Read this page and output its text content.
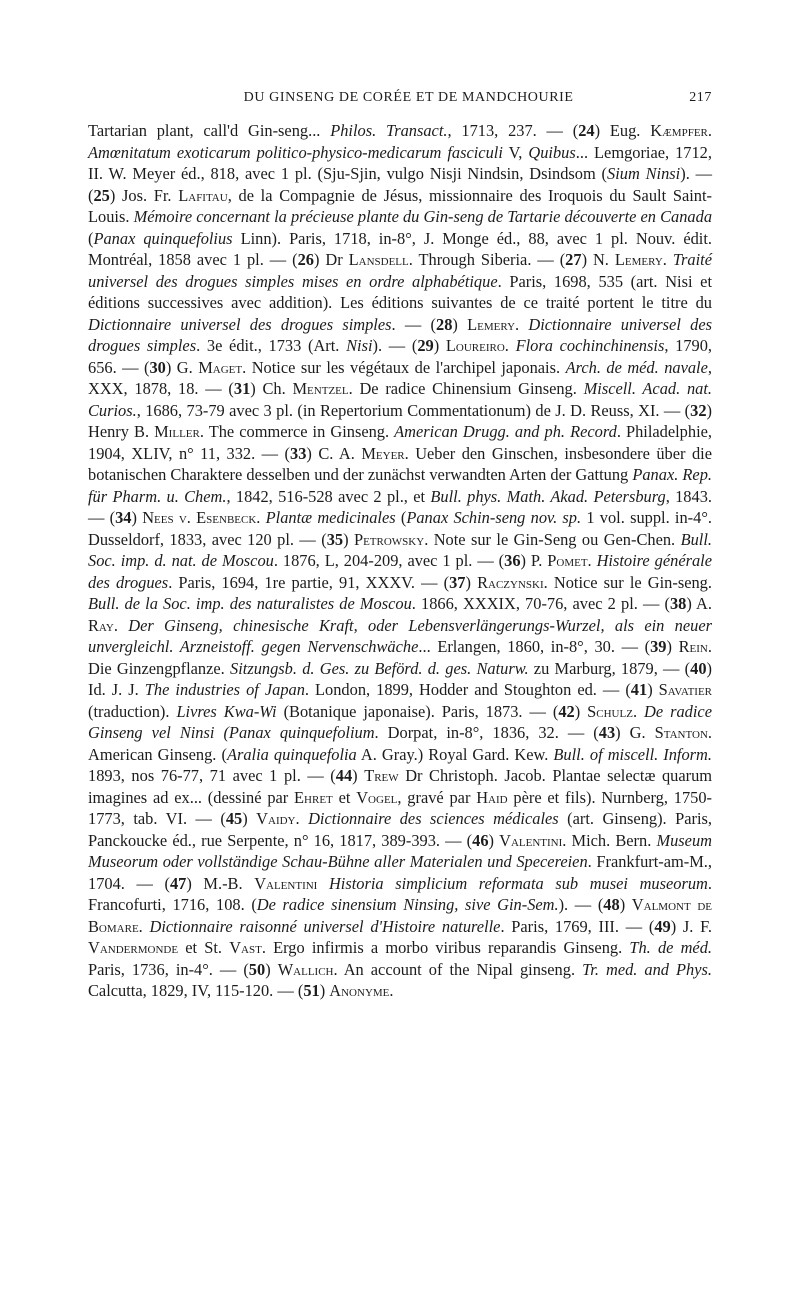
DU GINSENG DE CORÉE ET DE MANDCHOURIE	217

Tartarian plant, call'd Gin-seng... Philos. Transact., 1713, 237. — (24) Eug. Kæmpfer. Amœnitatum exoticarum politico-physico-medicarum fasciculi V, Quibus... Lemgoriae, 1712, II. W. Meyer éd., 818, avec 1 pl. (Sju-Sjin, vulgo Nisji Nindsin, Dsindsom (Sium Ninsi). —(25) Jos. Fr. Lafitau, de la Compagnie de Jésus, missionnaire des Iroquois du Sault Saint-Louis. Mémoire concernant la précieuse plante du Gin-seng de Tartarie découverte en Canada (Panax quinquefolius Linn). Paris, 1718, in-8°, J. Monge éd., 88, avec 1 pl. Nouv. édit. Montréal, 1858 avec 1 pl. — (26) Dr Lansdell. Through Siberia. — (27) N. Lemery. Traité universel des drogues simples mises en ordre alphabétique. Paris, 1698, 535 (art. Nisi et éditions successives avec addition). Les éditions suivantes de ce traité portent le titre du Dictionnaire universel des drogues simples. — (28) Lemery. Dictionnaire universel des drogues simples. 3e édit., 1733 (Art. Nisi). — (29) Loureiro. Flora cochinchinensis, 1790, 656. — (30) G. Maget. Notice sur les végétaux de l'archipel japonais. Arch. de méd. navale, XXX, 1878, 18. — (31) Ch. Mentzel. De radice Chinensium Ginseng. Miscell. Acad. nat. Curios., 1686, 73-79 avec 3 pl. (in Repertorium Commentationum) de J. D. Reuss, XI. — (32) Henry B. Miller. The commerce in Ginseng. American Drugg. and ph. Record. Philadelphie, 1904, XLIV, n° 11, 332. — (33) C. A. Meyer. Ueber den Ginschen, insbesondere über die botanischen Charaktere desselben und der zunächst verwandten Arten der Gattung Panax. Rep. für Pharm. u. Chem., 1842, 516-528 avec 2 pl., et Bull. phys. Math. Akad. Petersburg, 1843. — (34) Nees v. Esenbeck. Plantæ medicinales (Panax Schin-seng nov. sp. 1 vol. suppl. in-4°. Dusseldorf, 1833, avec 120 pl. — (35) Petrowsky. Note sur le Gin-Seng ou Gen-Chen. Bull. Soc. imp. d. nat. de Moscou. 1876, L, 204-209, avec 1 pl. — (36) P. Pomet. Histoire générale des drogues. Paris, 1694, 1re partie, 91, XXXV. — (37) Raczynski. Notice sur le Gin-seng. Bull. de la Soc. imp. des naturalistes de Moscou. 1866, XXXIX, 70-76, avec 2 pl. — (38) A. Ray. Der Ginseng, chinesische Kraft, oder Lebensverlängerungs-Wurzel, als ein neuer unvergleichl. Arzneistoff. gegen Nervenschwäche... Erlangen, 1860, in-8°, 30. — (39) Rein. Die Ginzengpflanze. Sitzungsb. d. Ges. zu Beförd. d. ges. Naturw. zu Marburg, 1879, — (40) Id. J. J. The industries of Japan. London, 1899, Hodder and Stoughton ed. — (41) Savatier (traduction). Livres Kwa-Wi (Botanique japonaise). Paris, 1873. — (42) Schulz. De radice Ginseng vel Ninsi (Panax quinquefolium. Dorpat, in-8°, 1836, 32. — (43) G. Stanton. American Ginseng. (Aralia quinquefolia A. Gray.) Royal Gard. Kew. Bull. of miscell. Inform. 1893, nos 76-77, 71 avec 1 pl. — (44) Trew Dr Christoph. Jacob. Plantae selectæ quarum imagines ad ex... (dessiné par Ehret et Vogel, gravé par Haid père et fils). Nurnberg, 1750-1773, tab. VI. — (45) Vaidy. Dictionnaire des sciences médicales (art. Ginseng). Paris, Panckoucke éd., rue Serpente, n° 16, 1817, 389-393. — (46) Valentini. Mich. Bern. Museum Museorum oder vollständige Schau-Bühne aller Materialen und Specereien. Frankfurt-am-M., 1704. — (47) M.-B. Valentini Historia simplicium reformata sub musei museorum. Francofurti, 1716, 108. (De radice sinensium Ninsing, sive Gin-Sem.). — (48) Valmont de Bomare. Dictionnaire raisonné universel d'Histoire naturelle. Paris, 1769, III. — (49) J. F. Vandermonde et St. Vast. Ergo infirmis a morbo viribus reparandis Ginseng. Th. de méd. Paris, 1736, in-4°. — (50) Wallich. An account of the Nipal ginseng. Tr. med. and Phys. Calcutta, 1829, IV, 115-120. — (51) Anonyme.
